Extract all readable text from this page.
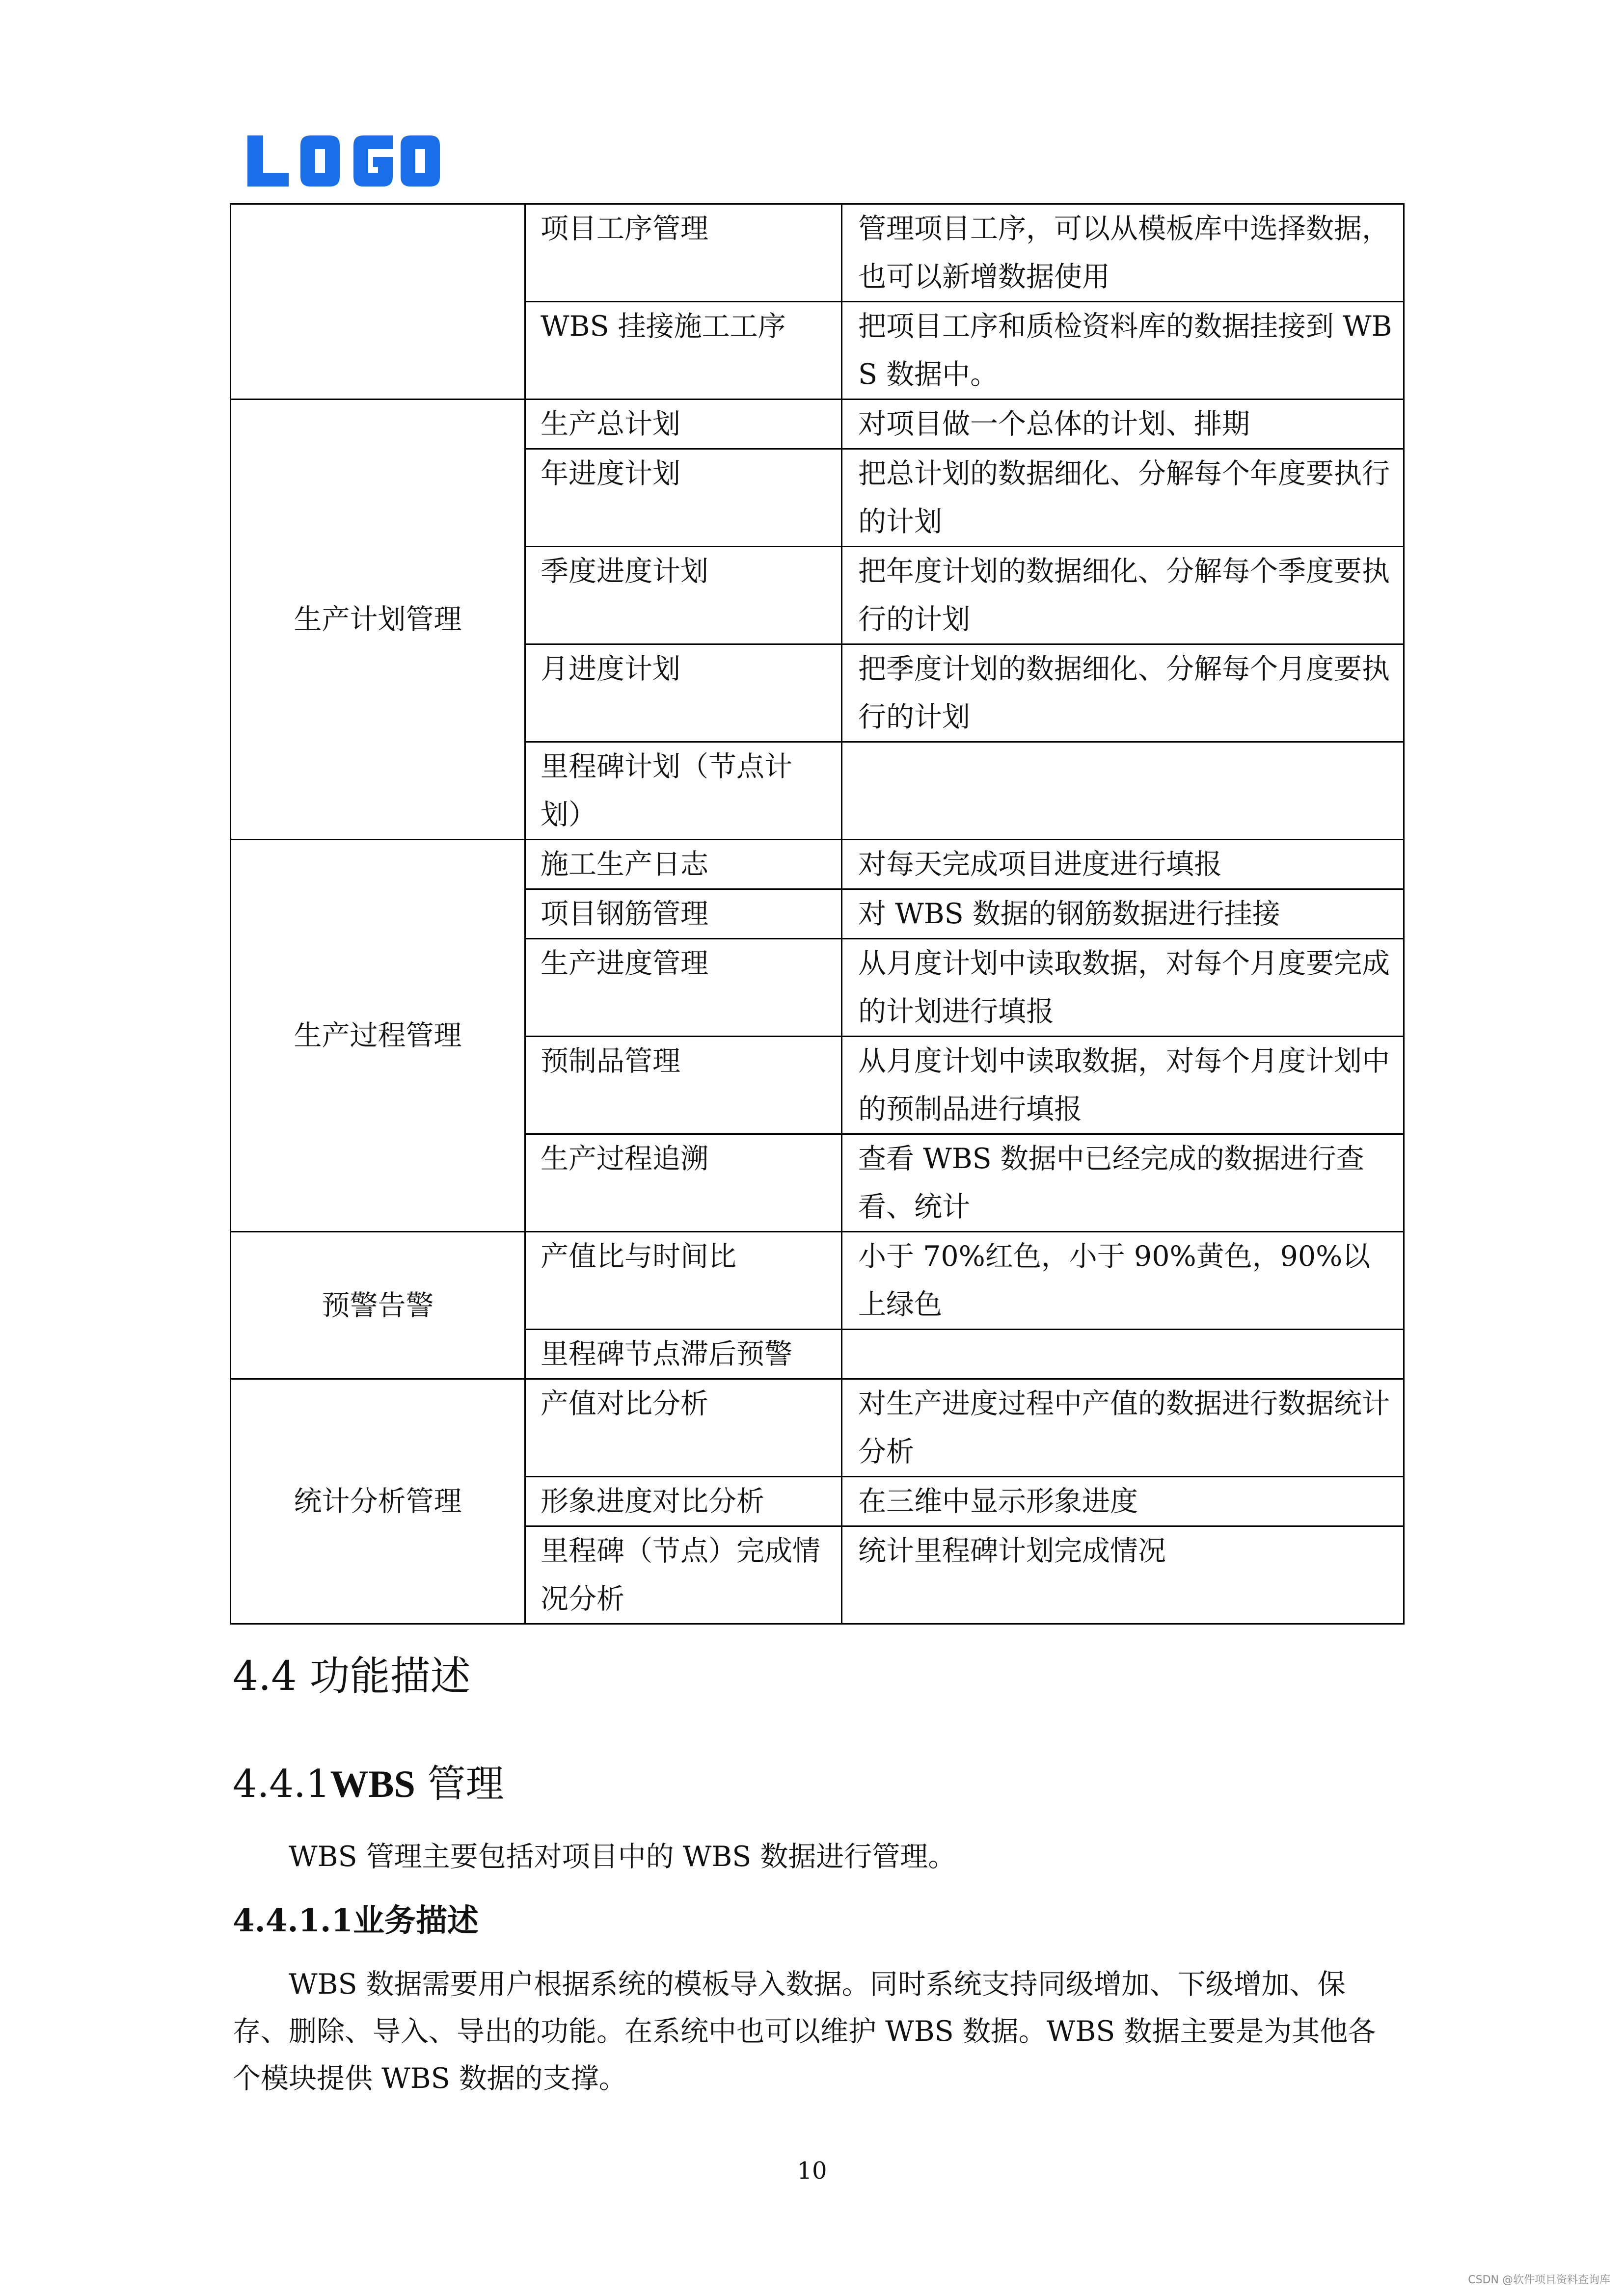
	项目工序管理	管理项目工序，可以从模板库中选择数据，也可以新增数据使用
	WBS 挂接施工工序	把项目工序和质检资料库的数据挂接到 WBS 数据中。
生产计划管理	生产总计划	对项目做一个总体的计划、排期
	年进度计划	把总计划的数据细化、分解每个年度要执行的计划
	季度进度计划	把年度计划的数据细化、分解每个季度要执行的计划
	月进度计划	把季度计划的数据细化、分解每个月度要执行的计划
	里程碑计划（节点计划）	
生产过程管理	施工生产日志	对每天完成项目进度进行填报
	项目钢筋管理	对 WBS 数据的钢筋数据进行挂接
	生产进度管理	从月度计划中读取数据，对每个月度要完成的计划进行填报
	预制品管理	从月度计划中读取数据，对每个月度计划中的预制品进行填报
	生产过程追溯	查看 WBS 数据中已经完成的数据进行查看、统计
预警告警	产值比与时间比	小于 70%红色，小于 90%黄色，90%以上绿色
	里程碑节点滞后预警	
统计分析管理	产值对比分析	对生产进度过程中产值的数据进行数据统计分析
	形象进度对比分析	在三维中显示形象进度
	里程碑（节点）完成情况分析	统计里程碑计划完成情况
4.4 功能描述
4.4.1WBS 管理

WBS 管理主要包括对项目中的 WBS 数据进行管理。

4.4.1.1业务描述

WBS 数据需要用户根据系统的模板导入数据。同时系统支持同级增加、下级增加、保存、删除、导入、导出的功能。在系统中也可以维护 WBS 数据。WBS 数据主要是为其他各个模块提供 WBS 数据的支撑。

10
CSDN @软件项目资料查询库
